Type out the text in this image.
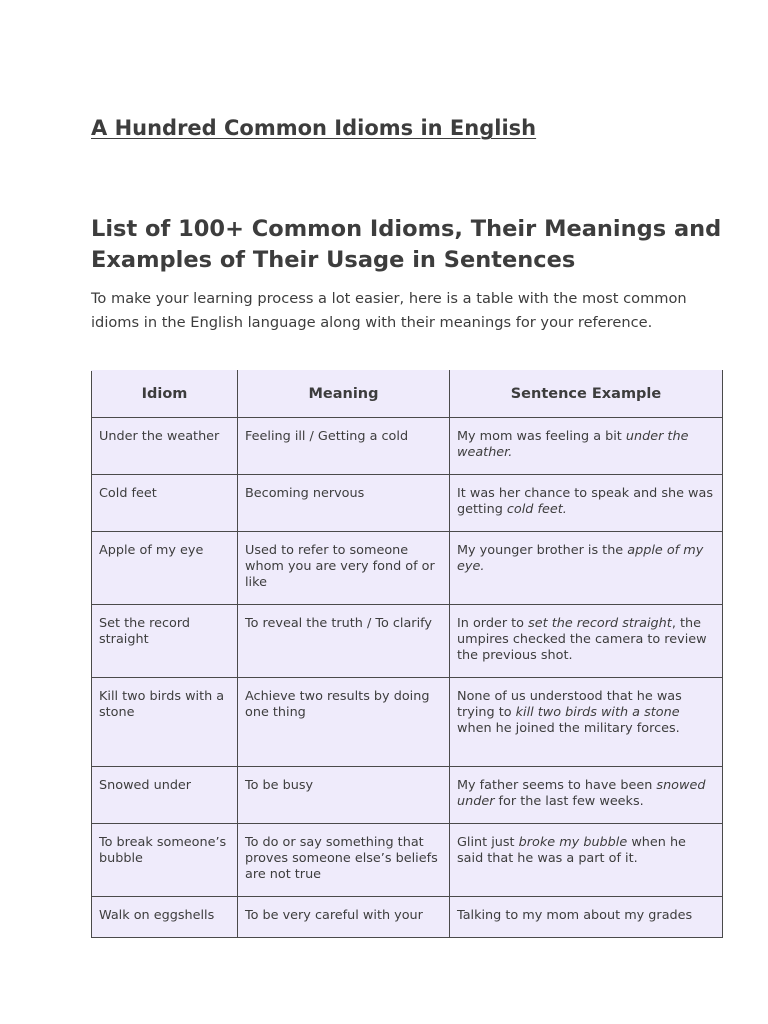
A Hundred Common Idioms in English
List of 100+ Common Idioms, Their Meanings and Examples of Their Usage in Sentences

To make your learning process a lot easier, here is a table with the most common idioms in the English language along with their meanings for your reference.

Idiom	Meaning	Sentence Example
Under the weather	Feeling ill / Getting a cold	My mom was feeling a bit under the weather.
Cold feet	Becoming nervous	It was her chance to speak and she was getting cold feet.
Apple of my eye	Used to refer to someone whom you are very fond of or like	My younger brother is the apple of my eye.
Set the record straight	To reveal the truth / To clarify	In order to set the record straight, the umpires checked the camera to review the previous shot.
Kill two birds with a stone	Achieve two results by doing one thing	None of us understood that he was trying to kill two birds with a stone when he joined the military forces.
Snowed under	To be busy	My father seems to have been snowed under for the last few weeks.
To break someone’s bubble	To do or say something that proves someone else’s beliefs are not true	Glint just broke my bubble when he said that he was a part of it.
Walk on eggshells	To be very careful with your	Talking to my mom about my grades
